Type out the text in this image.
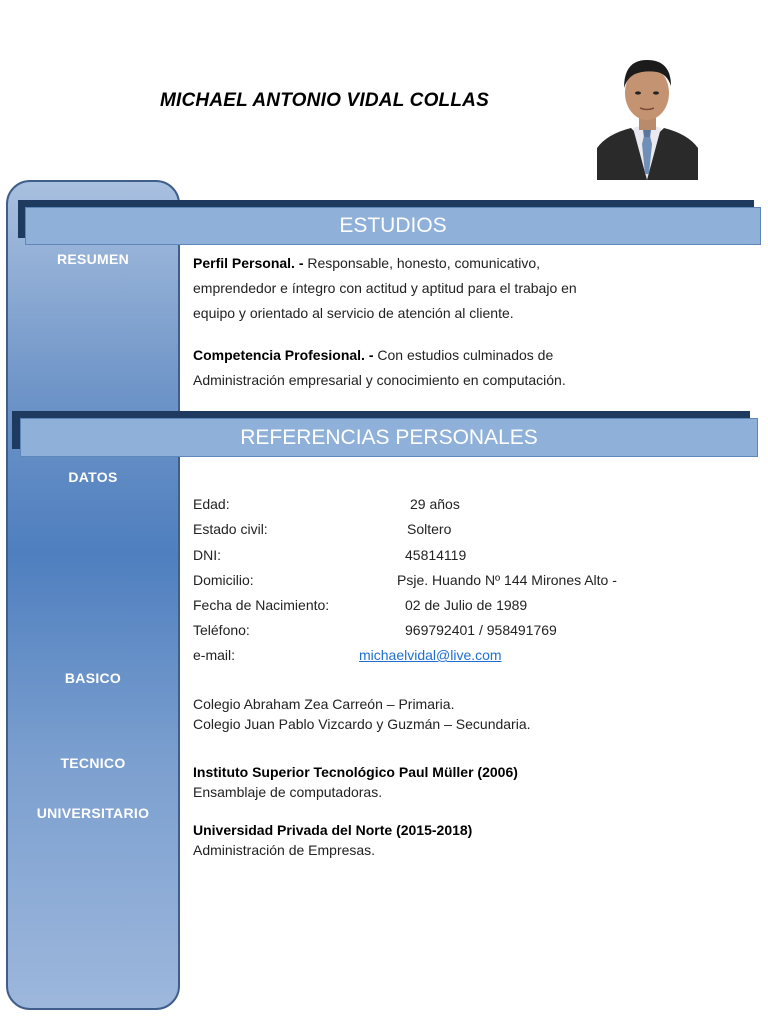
MICHAEL ANTONIO VIDAL COLLAS
RESUMEN
DATOS
BASICO
TECNICO
UNIVERSITARIO
ESTUDIOS
Perfil Personal. - Responsable, honesto, comunicativo,
emprendedor e íntegro con actitud y aptitud para el trabajo en
equipo y orientado al servicio de atención al cliente.
Competencia Profesional. - Con estudios culminados de
Administración empresarial y conocimiento en computación.
REFERENCIAS PERSONALES
Edad:	29 años
Estado civil:	Soltero
DNI:	45814119
Domicilio:	Psje. Huando Nº 144 Mirones Alto -
Fecha de Nacimiento:	02 de Julio de 1989
Teléfono:	969792401 / 958491769
e-mail:	michaelvidal@live.com
Colegio Abraham Zea Carreón – Primaria.
Colegio Juan Pablo Vizcardo y Guzmán – Secundaria.
Instituto Superior Tecnológico Paul Müller (2006)
Ensamblaje de computadoras.
Universidad Privada del Norte (2015-2018)
Administración de Empresas.
